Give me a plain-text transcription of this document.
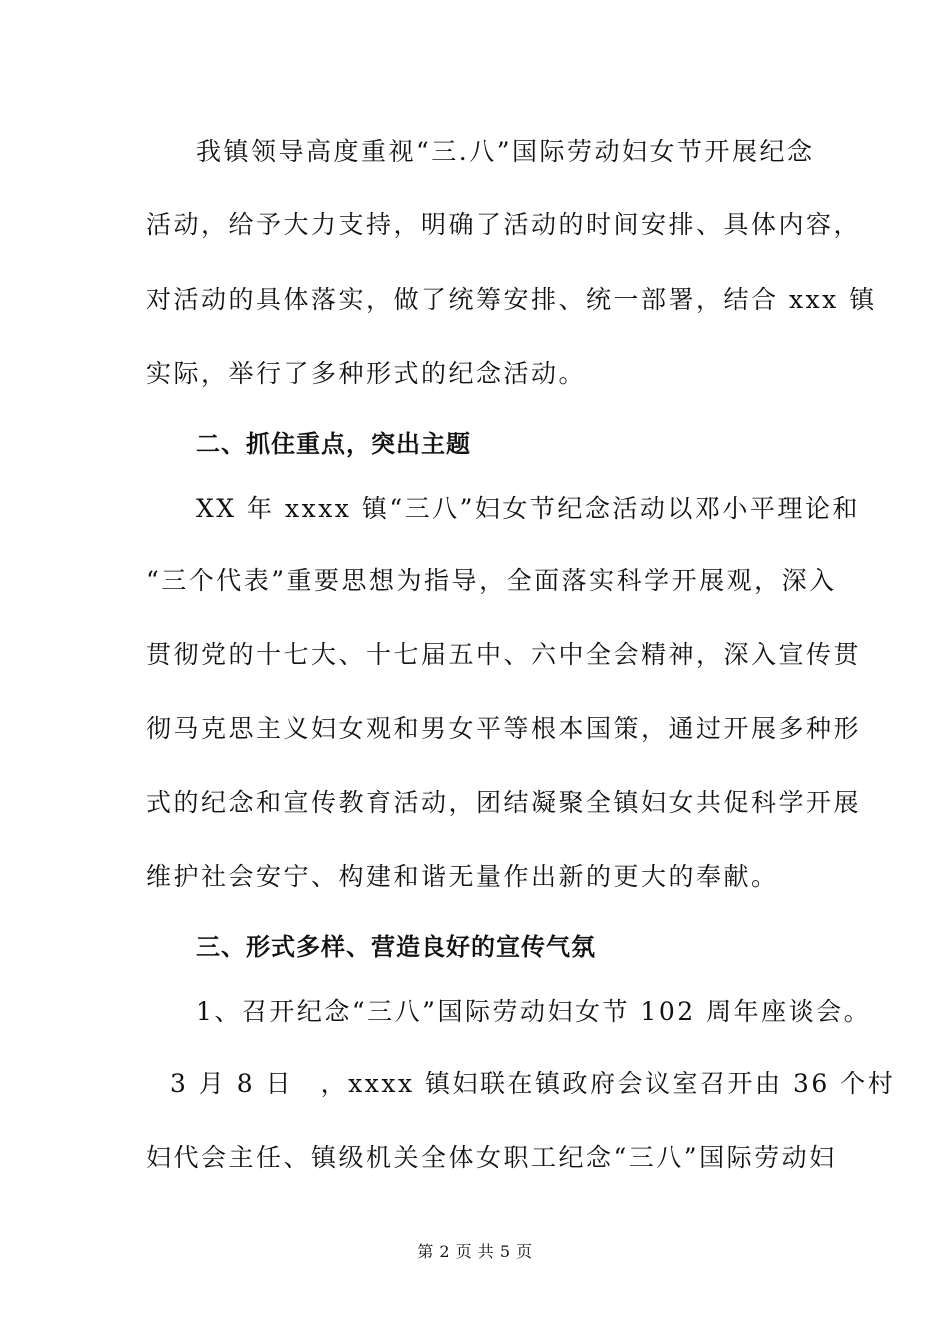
我镇领导高度重视“三.八”国际劳动妇女节开展纪念
活动，给予大力支持，明确了活动的时间安排、具体内容，
对活动的具体落实，做了统筹安排、统一部署，结合 xxx 镇
实际，举行了多种形式的纪念活动。
二、抓住重点，突出主题
XX 年 xxxx 镇“三八”妇女节纪念活动以邓小平理论和
“三个代表”重要思想为指导，全面落实科学开展观，深入
贯彻党的十七大、十七届五中、六中全会精神，深入宣传贯
彻马克思主义妇女观和男女平等根本国策，通过开展多种形
式的纪念和宣传教育活动，团结凝聚全镇妇女共促科学开展
维护社会安宁、构建和谐无量作出新的更大的奉献。
三、形式多样、营造良好的宣传气氛
1、召开纪念“三八”国际劳动妇女节 102 周年座谈会。
3 月 8 日　，xxxx 镇妇联在镇政府会议室召开由 36 个村
妇代会主任、镇级机关全体女职工纪念“三八”国际劳动妇
第 2 页 共 5 页
